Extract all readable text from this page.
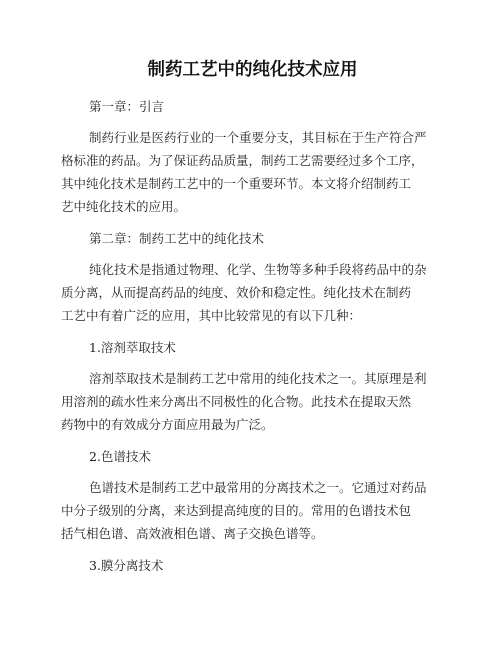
制药工艺中的纯化技术应用
第一章：引言
制药行业是医药行业的一个重要分支，其目标在于生产符合严
格标准的药品。为了保证药品质量，制药工艺需要经过多个工序，
其中纯化技术是制药工艺中的一个重要环节。本文将介绍制药工
艺中纯化技术的应用。
第二章：制药工艺中的纯化技术
纯化技术是指通过物理、化学、生物等多种手段将药品中的杂
质分离，从而提高药品的纯度、效价和稳定性。纯化技术在制药
工艺中有着广泛的应用，其中比较常见的有以下几种：
1.溶剂萃取技术
溶剂萃取技术是制药工艺中常用的纯化技术之一。其原理是利
用溶剂的疏水性来分离出不同极性的化合物。此技术在提取天然
药物中的有效成分方面应用最为广泛。
2.色谱技术
色谱技术是制药工艺中最常用的分离技术之一。它通过对药品
中分子级别的分离，来达到提高纯度的目的。常用的色谱技术包
括气相色谱、高效液相色谱、离子交换色谱等。
3.膜分离技术
